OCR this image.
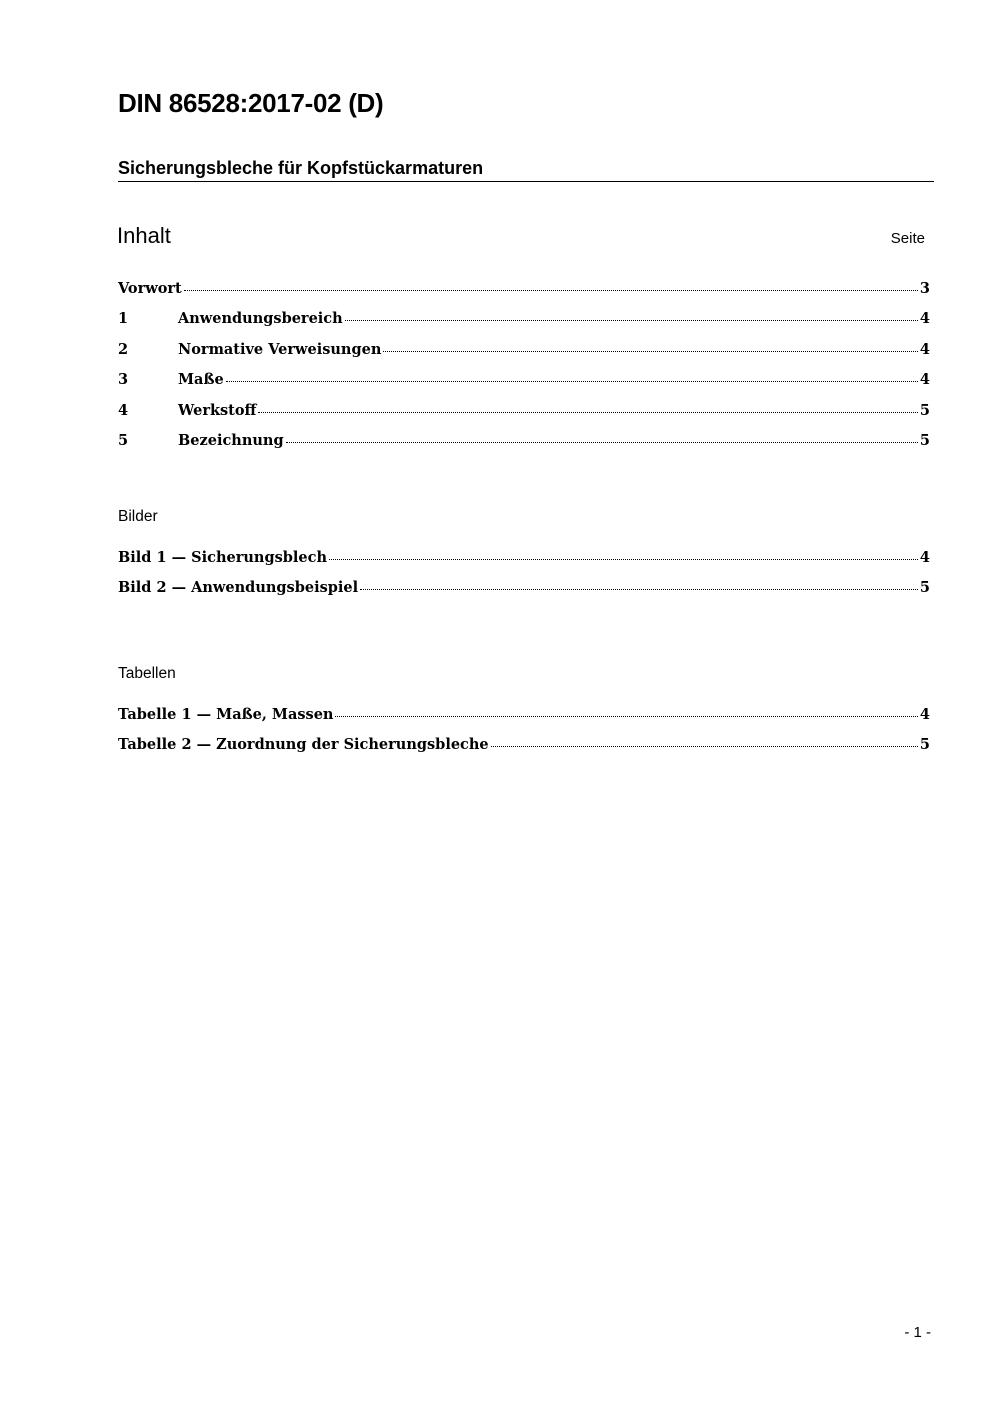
DIN 86528:2017-02 (D)
Sicherungsbleche für Kopfstückarmaturen
Inhalt	Seite
Vorwort	3
1	Anwendungsbereich	4
2	Normative Verweisungen	4
3	Maße	4
4	Werkstoff	5
5	Bezeichnung	5
Bilder
Bild 1 — Sicherungsblech	4
Bild 2 — Anwendungsbeispiel	5
Tabellen
Tabelle 1 — Maße, Massen	4
Tabelle 2 — Zuordnung der Sicherungsbleche	5
- 1 -
